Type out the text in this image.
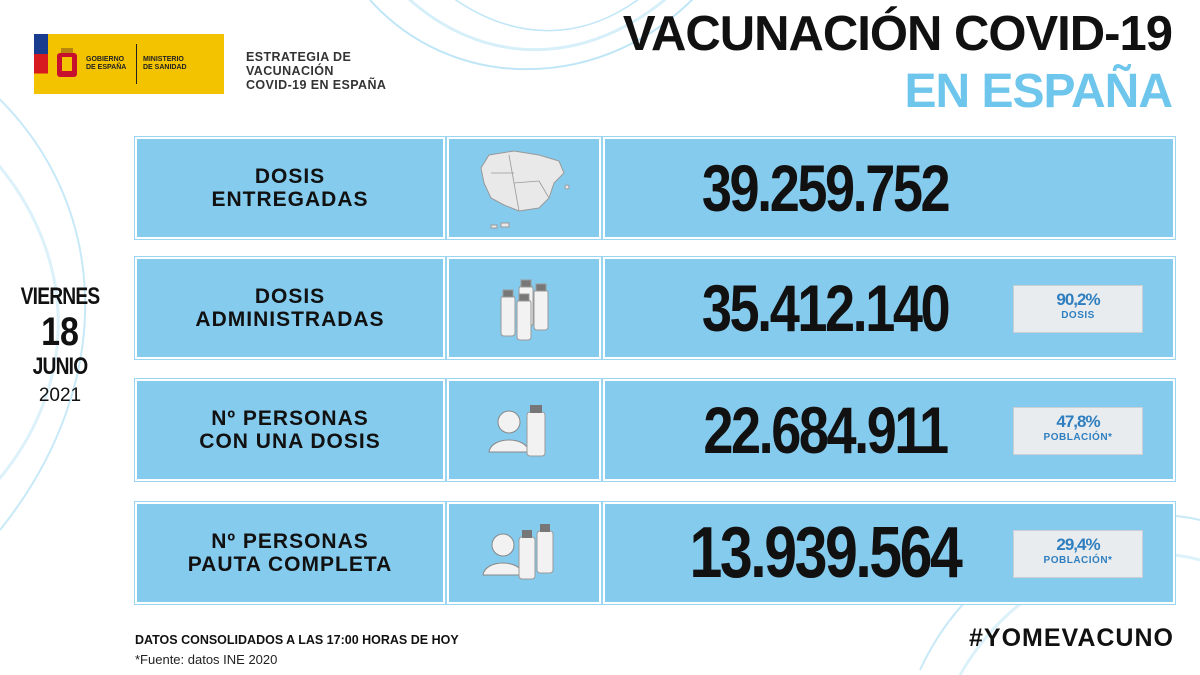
GOBIERNO DE ESPAÑA
MINISTERIO DE SANIDAD
ESTRATEGIA DE
VACUNACIÓN
COVID-19 EN ESPAÑA
VACUNACIÓN COVID-19
EN ESPAÑA
VIERNES
18
JUNIO
2021
DOSIS
ENTREGADAS	39.259.752
DOSIS
ADMINISTRADAS	35.412.140	90,2%
DOSIS
Nº PERSONAS
CON UNA DOSIS	22.684.911	47,8%
POBLACIÓN*
Nº PERSONAS
PAUTA COMPLETA	13.939.564	29,4%
POBLACIÓN*
DATOS CONSOLIDADOS A LAS 17:00 HORAS DE HOY
*Fuente: datos INE 2020
#YOMEVACUNO
